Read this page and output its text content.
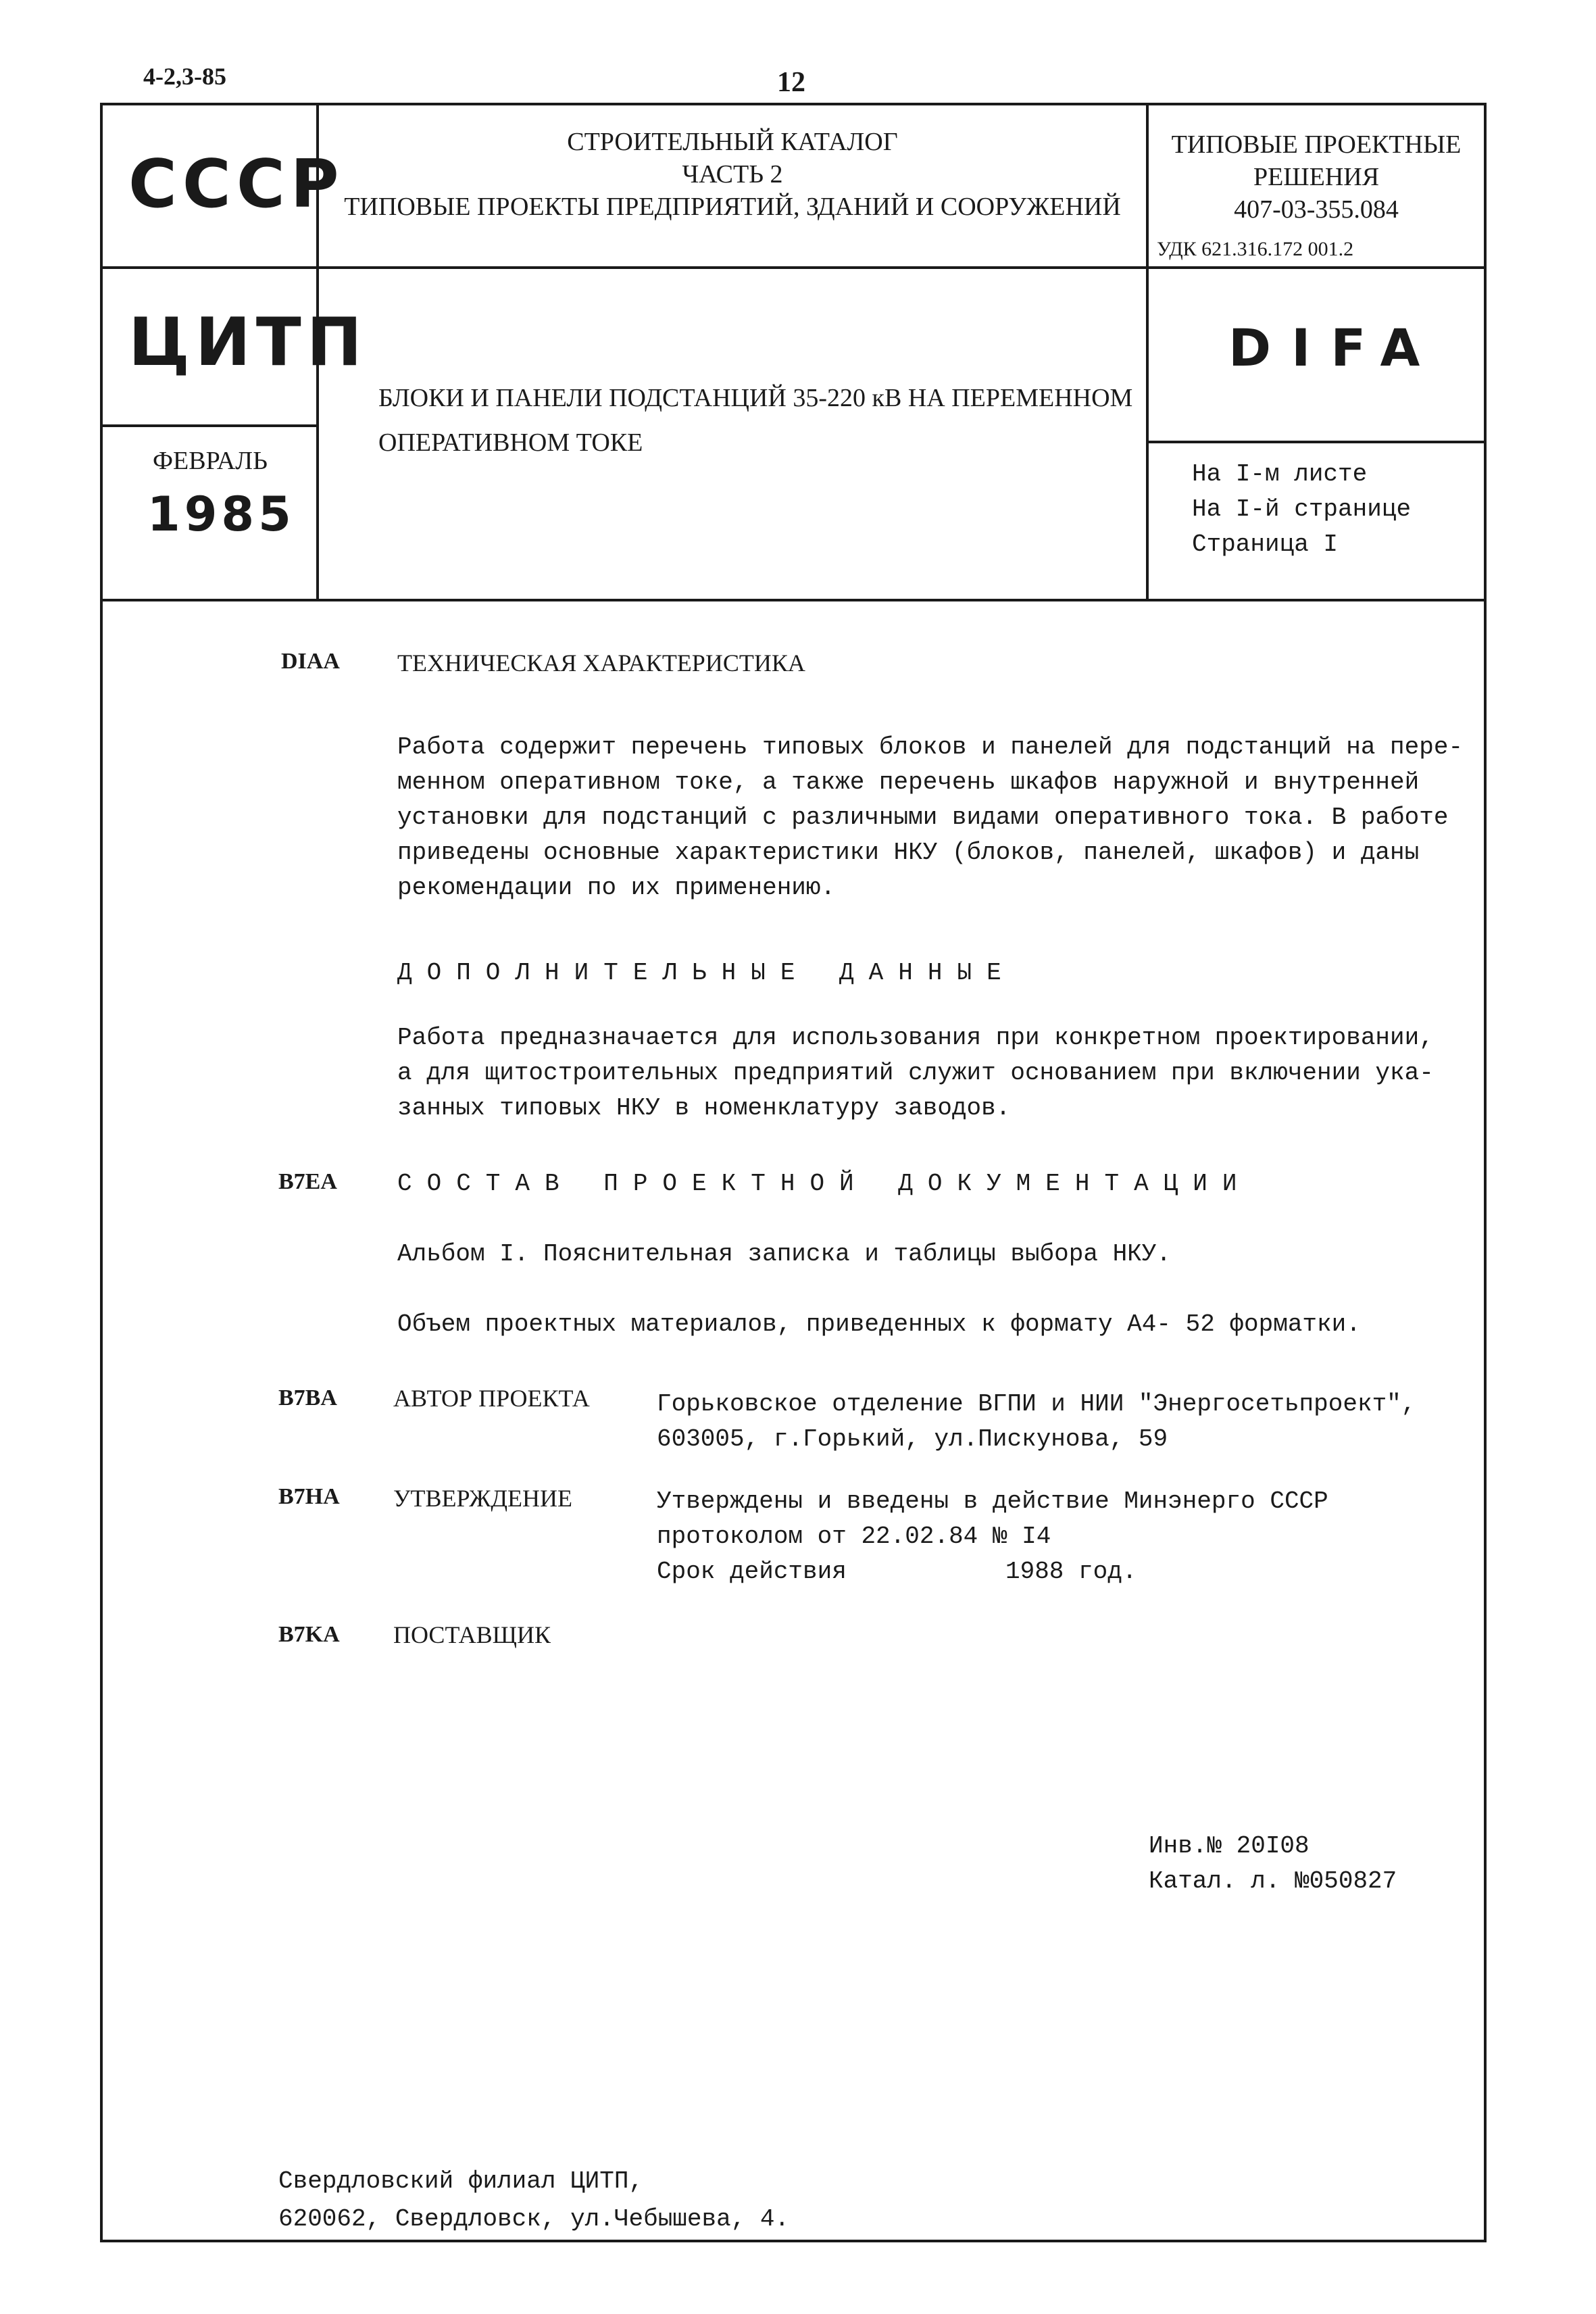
4-2,3-85	12
СССР
ЦИТП
ФЕВРАЛЬ
1985
СТРОИТЕЛЬНЫЙ КАТАЛОГ
ЧАСТЬ 2
ТИПОВЫЕ ПРОЕКТЫ ПРЕДПРИЯТИЙ, ЗДАНИЙ И СООРУЖЕНИЙ
БЛОКИ И ПАНЕЛИ ПОДСТАНЦИЙ 35-220 кВ НА ПЕРЕМЕННОМ
ОПЕРАТИВНОМ ТОКЕ
ТИПОВЫЕ ПРОЕКТНЫЕ
РЕШЕНИЯ
407-03-355.084
УДК 621.316.172 001.2
DIFA
На I-м листе
На I-й странице
Страница I
DIAA ТЕХНИЧЕСКАЯ ХАРАКТЕРИСТИКА
Работа содержит перечень типовых блоков и панелей для подстанций на пере-
менном оперативном токе, а также перечень шкафов наружной и внутренней
установки для подстанций с различными видами оперативного тока. В работе
приведены основные характеристики НКУ (блоков, панелей, шкафов) и даны
рекомендации по их применению.
ДОПОЛНИТЕЛЬНЫЕ ДАННЫЕ
Работа предназначается для использования при конкретном проектировании,
а для щитостроительных предприятий служит основанием при включении ука-
занных типовых НКУ в номенклатуру заводов.
B7EA СОСТАВ ПРОЕКТНОЙ ДОКУМЕНТАЦИИ
Альбом I. Пояснительная записка и таблицы выбора НКУ.
Объем проектных материалов, приведенных к формату А4- 52 форматки.
B7BA АВТОР ПРОЕКТА	Горьковское отделение ВГПИ и НИИ "Энергосетьпроект",
603005, г.Горький, ул.Пискунова, 59
B7HA УТВЕРЖДЕНИЕ	Утверждены и введены в действие Минэнерго СССР
протоколом от 22.02.84 № I4
Срок действия	1988 год.
B7KA ПОСТАВЩИК
Инв.№ 20I08
Катал. л. №050827
Свердловский филиал ЦИТП,
620062, Свердловск, ул.Чебышева, 4.
